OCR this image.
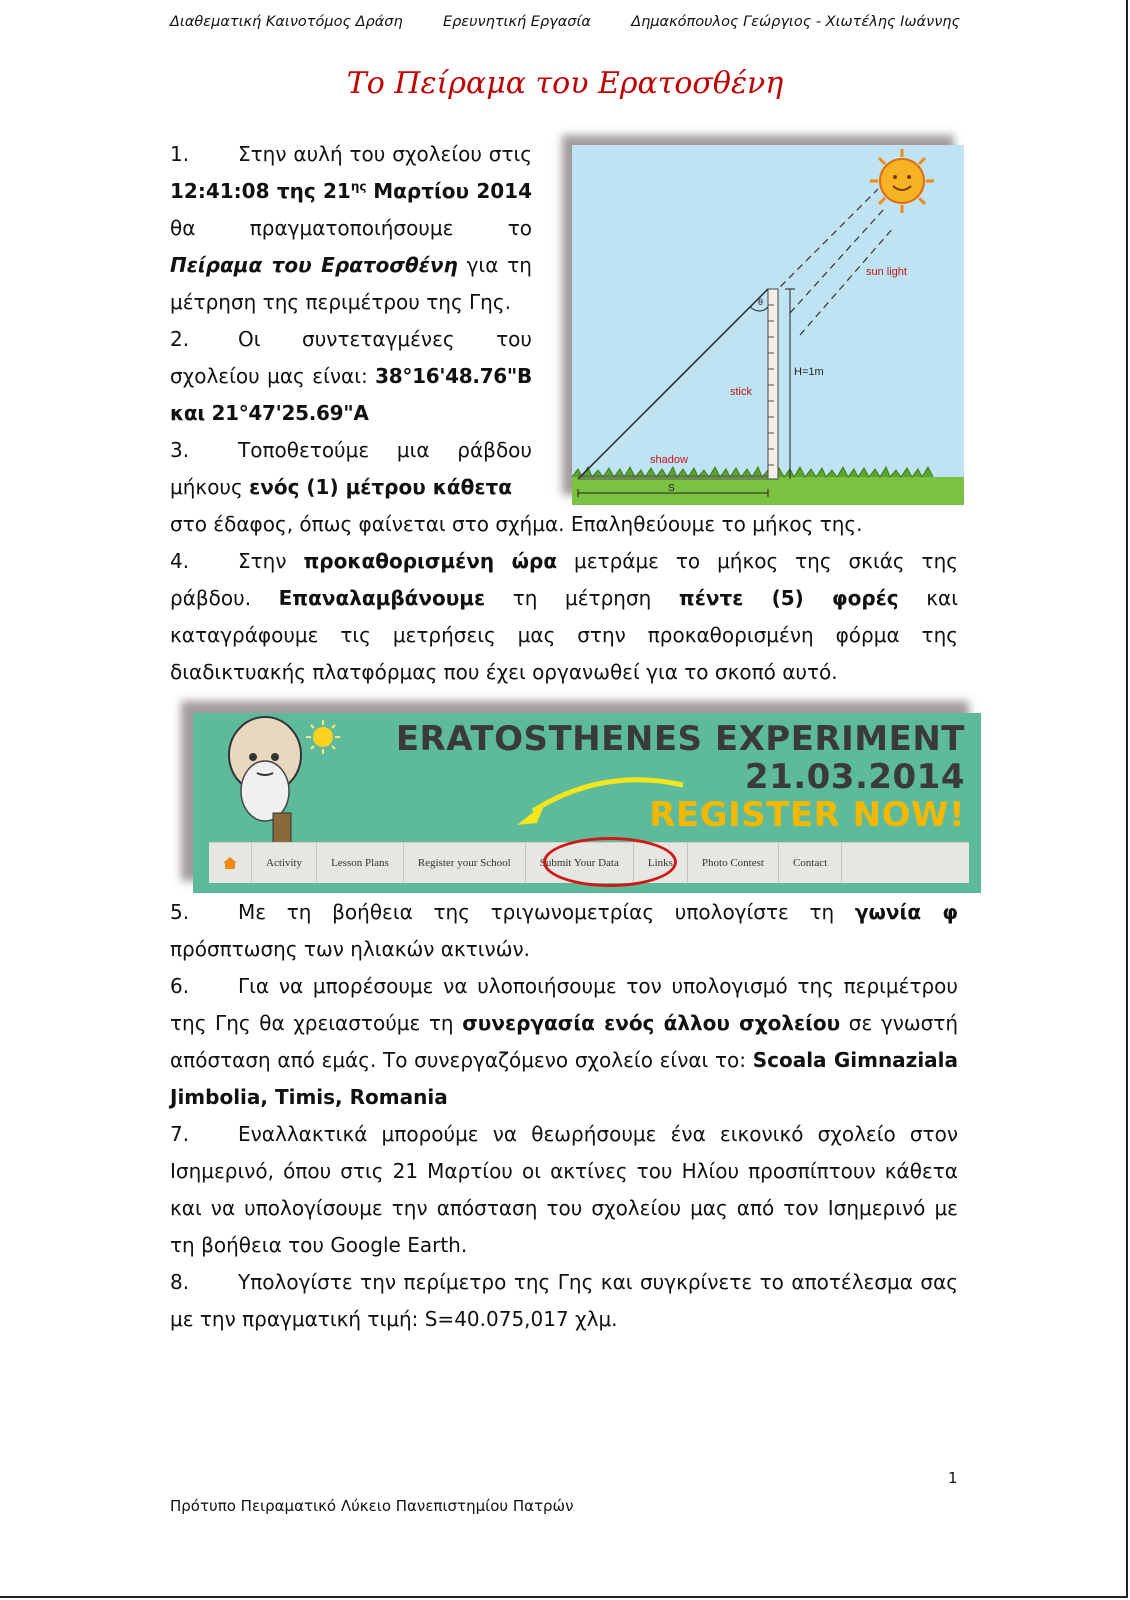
Διαθεματική Καινοτόμος Δράση	Ερευνητική Εργασία	Δημακόπουλος Γεώργιος - Χιωτέλης Ιωάννης
Το Πείραμα του Ερατοσθένη
1. Στην αυλή του σχολείου στις 12:41:08 της $21^{\eta\varsigma}$ Μαρτίου 2014 θα πραγματοποιήσουμε το Πείραμα του Ερατοσθένη για τη μέτρηση της περιμέτρου της Γης.
2. Οι συντεταγμένες του σχολείου μας είναι: 38°16'48.76"Β και 21°47'25.69"Α
3. Τοποθετούμε μια ράβδου μήκους ενός (1) μέτρου κάθετα
στο έδαφος, όπως φαίνεται στο σχήμα. Επαληθεύουμε το μήκος της.
4. Στην προκαθορισμένη ώρα μετράμε το μήκος της σκιάς της ράβδου. Επαναλαμβάνουμε τη μέτρηση πέντε (5) φορές και καταγράφουμε τις μετρήσεις μας στην προκαθορισμένη φόρμα της διαδικτυακής πλατφόρμας που έχει οργανωθεί για το σκοπό αυτό.
sun light
θ
H=1m
stick
shadow
S
ERATOSTHENES EXPERIMENT
21.03.2014
REGISTER NOW!
Activity	Lesson Plans	Register your School	Submit Your Data	Links	Photo Contest	Contact
5. Με τη βοήθεια της τριγωνομετρίας υπολογίστε τη γωνία φ πρόσπτωσης των ηλιακών ακτινών.
6. Για να μπορέσουμε να υλοποιήσουμε τον υπολογισμό της περιμέτρου της Γης θα χρειαστούμε τη συνεργασία ενός άλλου σχολείου σε γνωστή απόσταση από εμάς. Το συνεργαζόμενο σχολείο είναι το: Scoala Gimnaziala Jimbolia, Timis, Romania
7. Εναλλακτικά μπορούμε να θεωρήσουμε ένα εικονικό σχολείο στον Ισημερινό, όπου στις 21 Μαρτίου οι ακτίνες του Ηλίου προσπίπτουν κάθετα και να υπολογίσουμε την απόσταση του σχολείου μας από τον Ισημερινό με τη βοήθεια του Google Earth.
8. Υπολογίστε την περίμετρο της Γης και συγκρίνετε το αποτέλεσμα σας με την πραγματική τιμή: S=40.075,017 χλμ.
1
Πρότυπο Πειραματικό Λύκειο Πανεπιστημίου Πατρών
